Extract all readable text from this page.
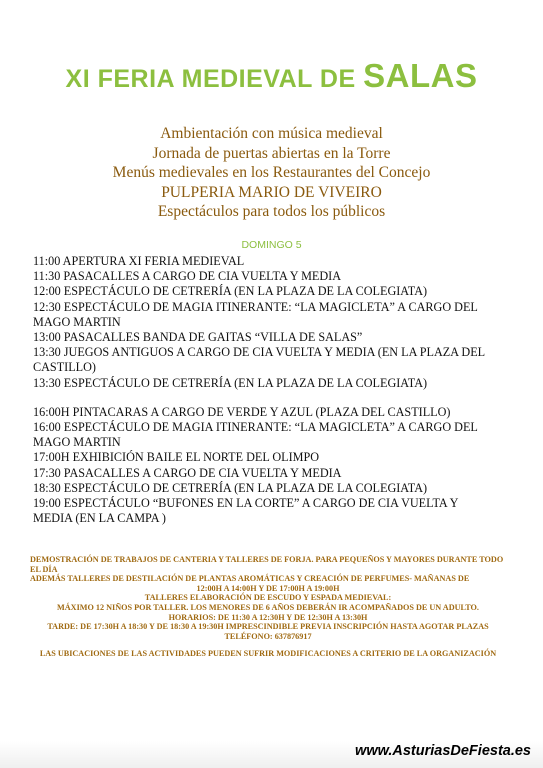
XI FERIA MEDIEVAL DE SALAS
Ambientación con música medieval
Jornada de puertas abiertas en la Torre
Menús medievales en los Restaurantes del Concejo
PULPERIA MARIO DE VIVEIRO
Espectáculos para todos los públicos
DOMINGO 5
11:00 APERTURA XI FERIA MEDIEVAL
11:30 PASACALLES A CARGO DE CIA VUELTA Y MEDIA
12:00 ESPECTÁCULO DE CETRERÍA (EN LA PLAZA DE LA COLEGIATA)
12:30 ESPECTÁCULO DE MAGIA ITINERANTE: “LA MAGICLETA” A CARGO DEL MAGO MARTIN
13:00 PASACALLES BANDA DE GAITAS “VILLA DE SALAS”
13:30 JUEGOS ANTIGUOS A CARGO DE CIA VUELTA Y MEDIA (EN LA PLAZA DEL CASTILLO)
13:30 ESPECTÁCULO DE CETRERÍA (EN LA PLAZA DE LA COLEGIATA)
16:00H PINTACARAS A CARGO DE VERDE Y AZUL (PLAZA DEL CASTILLO)
16:00 ESPECTÁCULO DE MAGIA ITINERANTE: “LA MAGICLETA” A CARGO DEL MAGO MARTIN
17:00H EXHIBICIÓN BAILE EL NORTE DEL OLIMPO
17:30 PASACALLES A CARGO DE CIA VUELTA Y MEDIA
18:30 ESPECTÁCULO DE CETRERÍA (EN LA PLAZA DE LA COLEGIATA)
19:00 ESPECTÁCULO “BUFONES EN LA CORTE” A CARGO DE CIA VUELTA Y MEDIA (EN LA CAMPA )
DEMOSTRACIÓN DE TRABAJOS DE CANTERIA Y TALLERES DE FORJA. PARA PEQUEÑOS Y MAYORES DURANTE TODO EL DÍA
ADEMÁS TALLERES DE DESTILACIÓN DE PLANTAS AROMÁTICAS Y CREACIÓN DE PERFUMES- MAÑANAS DE
12:00H A 14:00H Y DE 17:00H A 19:00H
TALLERES ELABORACIÓN DE ESCUDO Y ESPADA MEDIEVAL:
MÁXIMO 12 NIÑOS POR TALLER. LOS MENORES DE 6 AÑOS DEBERÁN IR ACOMPAÑADOS DE UN ADULTO.
HORARIOS: DE 11:30 A 12:30H Y DE 12:30H A 13:30H
TARDE: DE 17:30H A 18:30 Y DE 18:30 A 19:30H IMPRESCINDIBLE PREVIA INSCRIPCIÓN HASTA AGOTAR PLAZAS
TELÉFONO: 637876917
LAS UBICACIONES DE LAS ACTIVIDADES PUEDEN SUFRIR MODIFICACIONES A CRITERIO DE LA ORGANIZACIÓN
www.AsturiasDeFiesta.es
